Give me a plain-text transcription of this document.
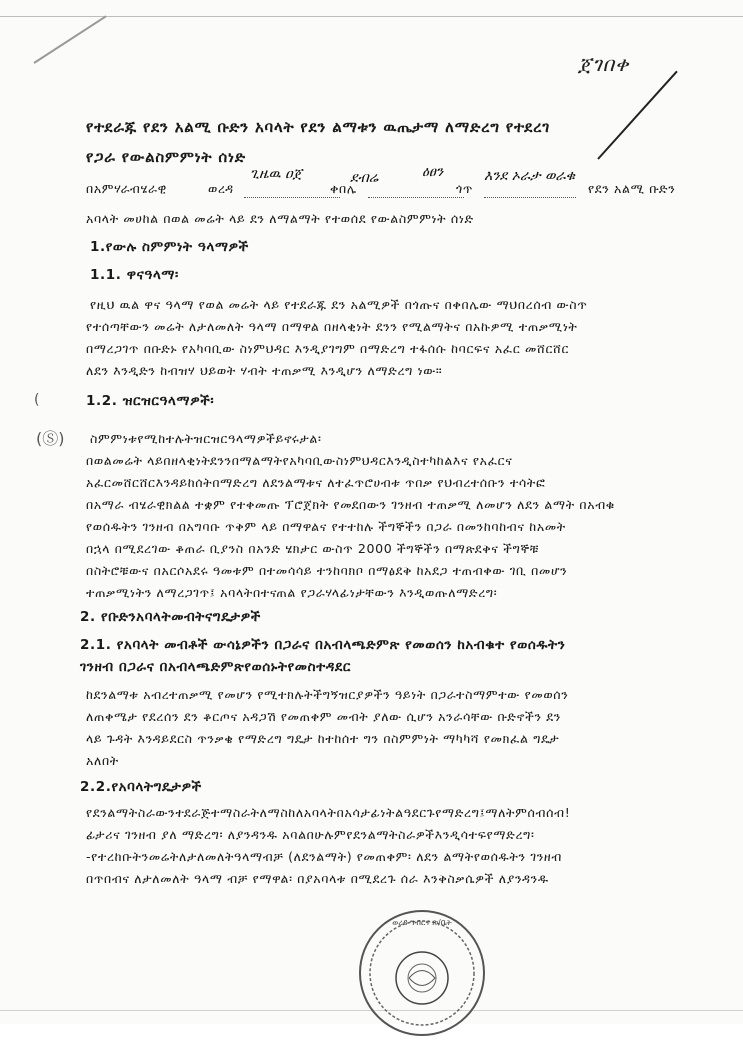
ጀገበቀ
የተደራጁ የደን አልሚ ቡድን አባላት የደን ልማቱን ዉጤታማ ለማድረግ የተደረገ
የጋራ የውልስምምነት ሰነድ
በአምሃራብሄራዊ	ወረዳ	ቀበሌ	ጎጥ	የደን አልሚ ቡድን
ጊዜዉ ዐጀ	ደብሬ	ዕፀን	እንደ ኦራታ ወራቁ
አባላት መሀከል በወል መሬት ላይ ደን ለማልማት የተወሰደ የውልስምምነት ሰነድ
1.የውሉ ስምምነት ዓላማዎች
1.1. ዋናዓላማ፡
የዚህ ዉል ዋና ዓላማ የወል መሬት ላይ የተደራጁ ደን አልሚዎች በጎጡና በቀበሌው ማህበረሰብ ውስጥ
የተሰጣቸውን መሬት ለታለመለት ዓላማ በማዋል በዘላቂነት ደንን የሚልማትና በአኩዎሚ ተጠቃሚነት
በማረጋገጥ በቡድኑ የአካባቢው ስነምህዳር እንዲያገግም በማድረግ ተፋሰሱ ከባርፍና አፈር መሸርሸር
ለደን እንዲድን ከብዝሃ ህይወት ሃብት ተጠቃሚ እንዲሆን ለማድረግ ነው።
(	1.2. ዝርዝርዓላማዎች፡
(Ⓢ)	ስምምነቱየሚከተሉትዝርዝርዓላማዎችይኖሩታል፡
በወልመሬት ላይበዘላቂነትደንንበማልማትየአካባቢውስነምህዳርእንዲስተካከልእና የአፈርና
አፈርመሸርሸርእንዳይከሰትበማድረግ ለደንልማቱና ለተፈጥሮሀብቱ ጥበቃ የህብረተሰቡን ተሳትፎ
በአማራ ብሄራዊክልል ተቋም የተቀመጡ ፕሮጀክት የመደበውን ገንዘብ ተጠቃሚ ለመሆን ለደን ልማት በአብቁ
የወሰዱትን ገንዘብ በአግባቡ ጥቅም ላይ በማዋልና የተተከሉ ችግኞችን በጋራ በመንከባከብና ከአመት
በኋላ በሚደረገው ቆጠራ ቢያንስ በአንድ ሄክታር ውስጥ 2000 ችግኞችን በማጽደቅና ችግኞቹ
በስትሮቹውና በአርሶአደሩ ዓመቱም በተመሳሳይ ተንከባክቦ በማፅደቅ ከአደጋ ተጠብቀው ገቢ በመሆን
ተጠቃሚነትን ለማረጋገጥ፤ አባላትበተናጠል የጋራሃላፊነታቸውን እንዲወጡለማድረግ፡
2. የቡድንአባላትመብትናግዴታዎች
2.1. የአባላት መብቶች ውሳኔዎችን በጋራና በአብላጫድምጽ የመወሰን ከአብቁተ የወሰዱትን
ገንዘብ በጋራና በአብላጫድምጽየወሰኑትየመስተዳደር
ከደንልማቱ አብረተጠቃሚ የመሆን የሚተክሉትችግኝዝርያዎችን ዓይነት በጋራተስማምተው የመወሰን
ለጠቀሜታ የደረሰን ደን ቆርጦና አዳጋሽ የመጠቀም መብት ያለው ሲሆን አንራሳቸው ቡድኖችን ደን
ላይ ጉዳት እንዳይደርስ ጥንቃቄ የማድረግ ግዴታ ከተከሰተ ግን በስምምነት ማካካሻ የመክፈል ግዴታ
አለበት
2.2.የአባላትግዴታዎች
የደንልማትስራውንተደራጅተማስራትለማስከለአባላትበአሳታፊነትልዓደርጉየማድረግ፤ማለትምሰብሰብ!
ፊታሪና ገንዘብ ያለ ማድረግ፡ ለያንዳንዱ አባልበሁሉምየደንልማትስራዎችእንዲሳተፍየማድረግ፡
-የተረከቡትንመሬትለታለመለትዓላማብቻ (ለደንልማት) የመጠቀም፡ ለደን ልማትየወሰዱትን ገንዘብ
በጥበብና ለታለመለት ዓላማ ብቻ የማዋል፡ በያአባላቱ በሚደረጉ ሰራ እንቅስቃሴዎች ለያንዳንዱ
ወረዳ ግብርና ጽ/ቤት
